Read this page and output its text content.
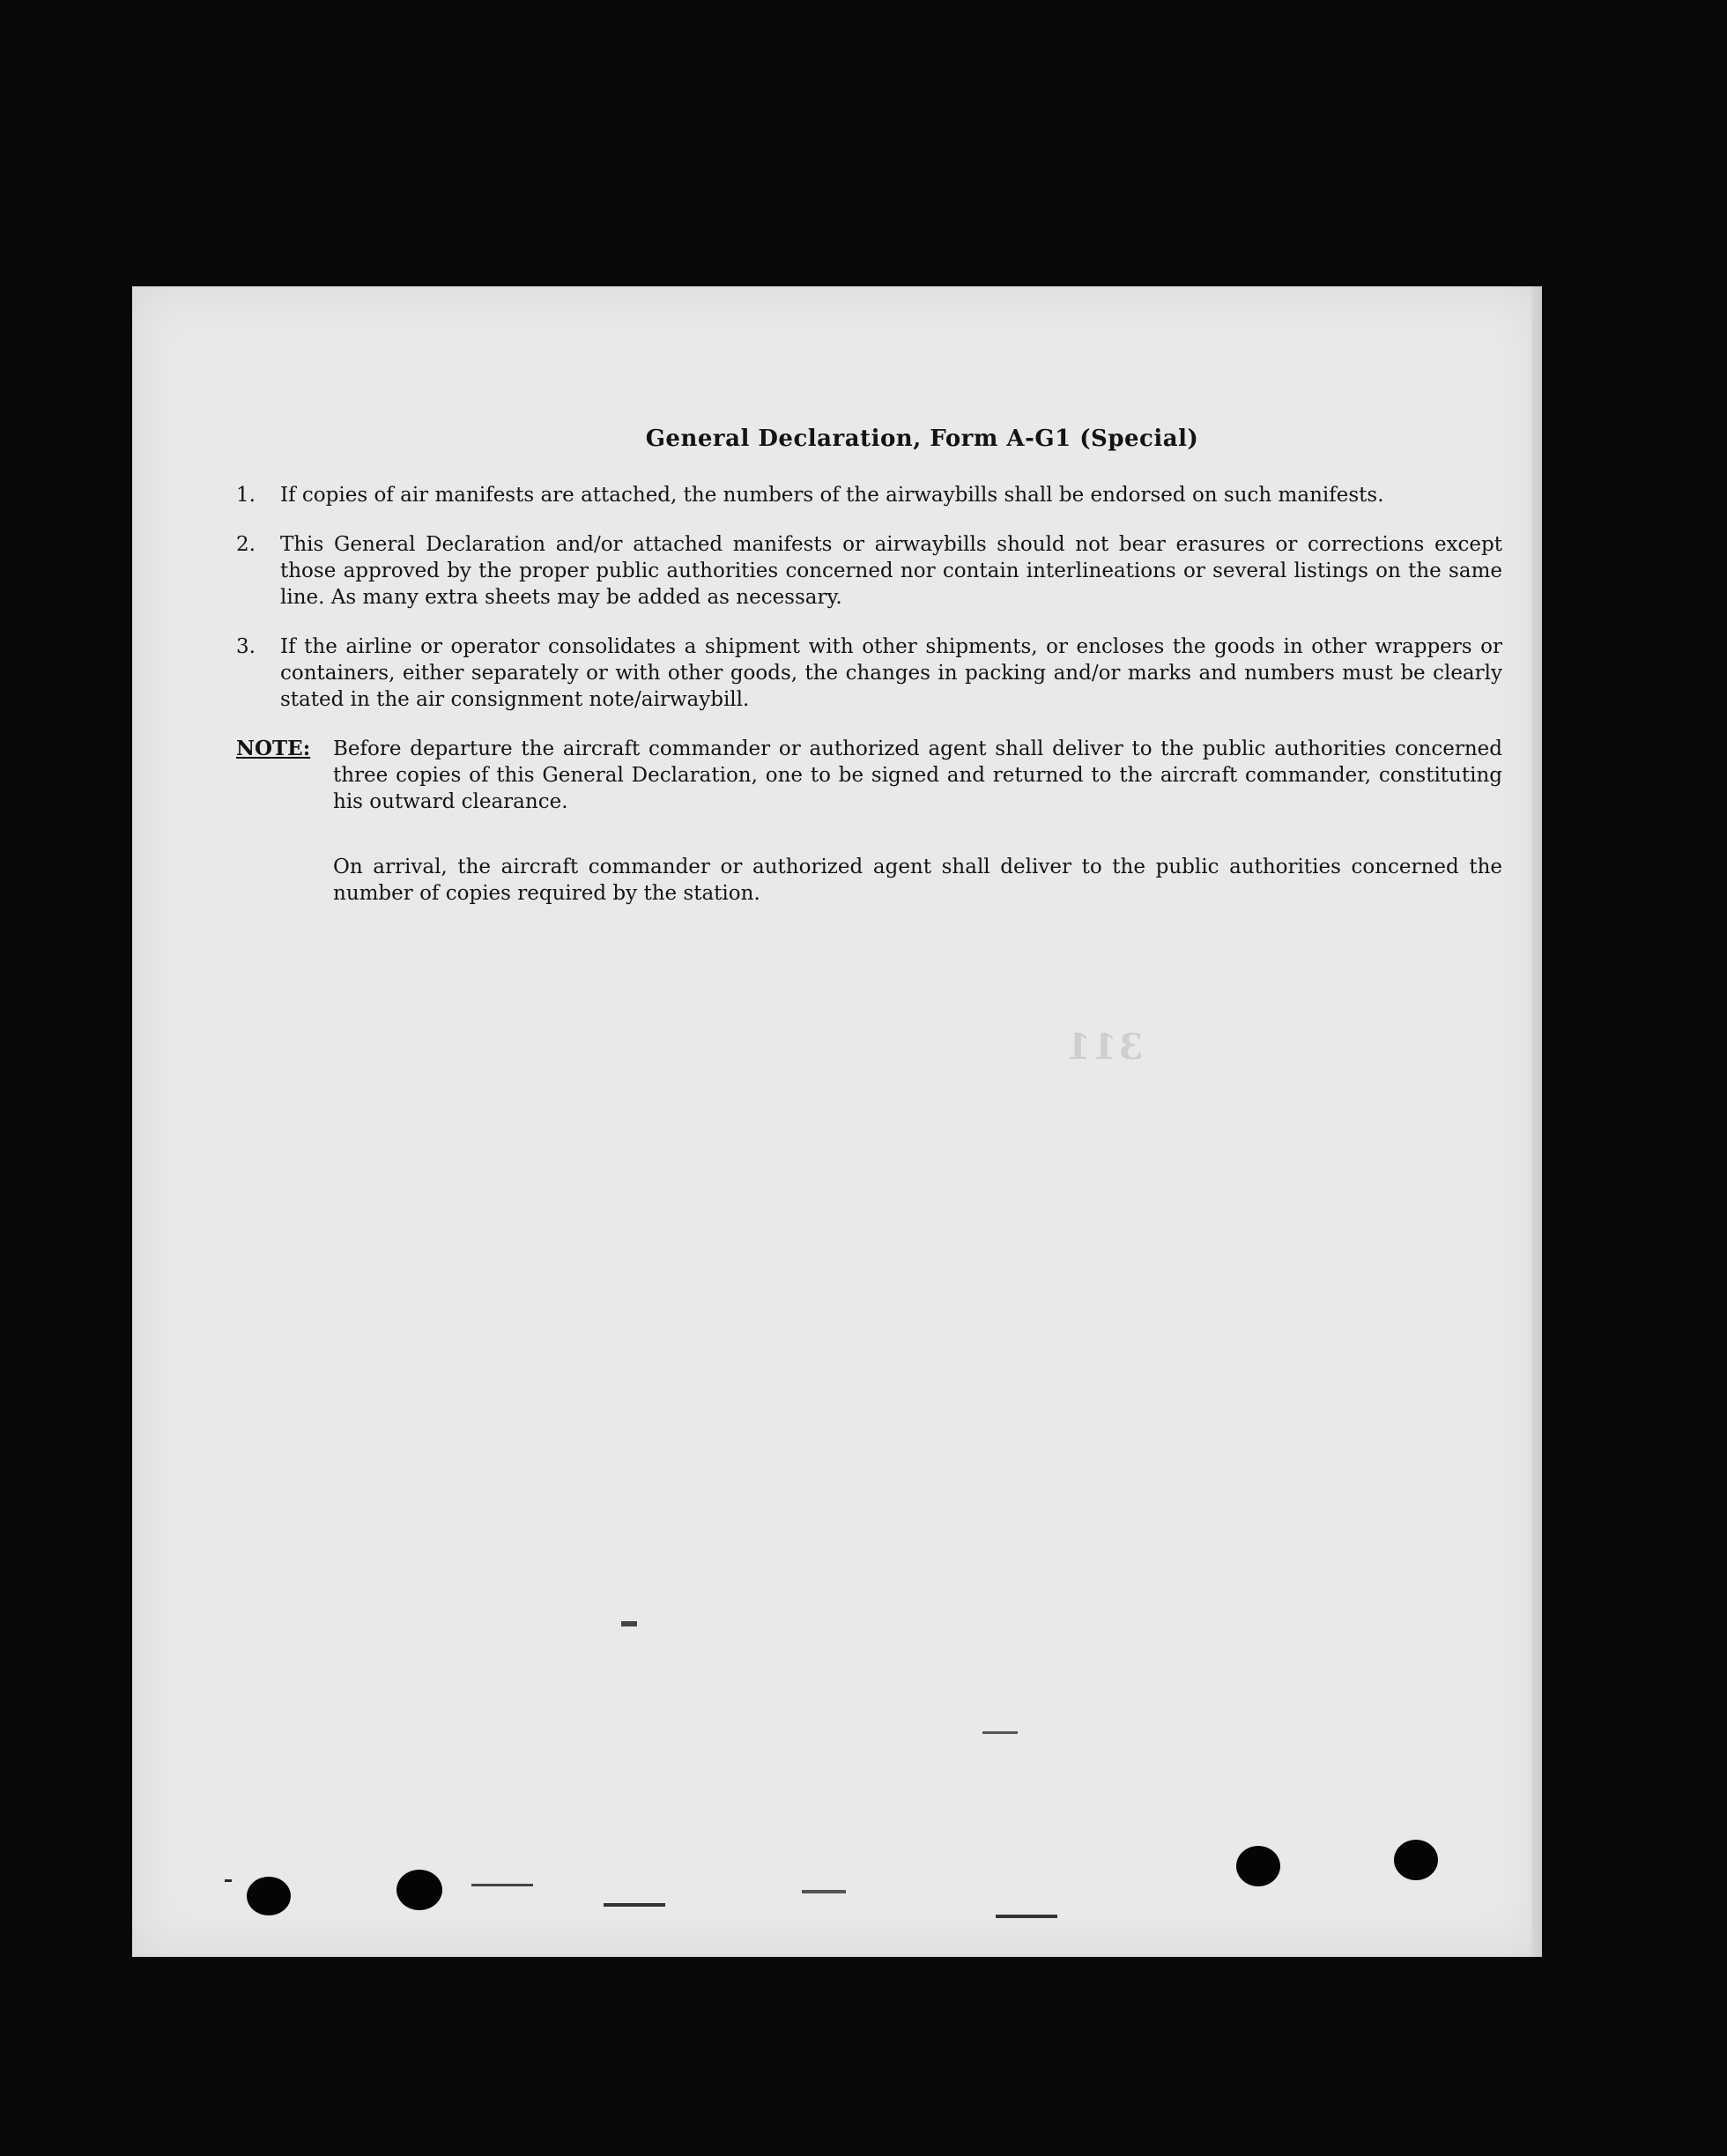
General Declaration, Form A-G1 (Special)
1.	If copies of air manifests are attached, the numbers of the airwaybills shall be endorsed on such manifests.
2.	This General Declaration and/or attached manifests or airwaybills should not bear erasures or corrections except those approved by the proper public authorities concerned nor contain interlineations or several listings on the same line. As many extra sheets may be added as necessary.
3.	If the airline or operator consolidates a shipment with other shipments, or encloses the goods in other wrappers or containers, either separately or with other goods, the changes in packing and/or marks and numbers must be clearly stated in the air consignment note/airwaybill.
NOTE:	Before departure the aircraft commander or authorized agent shall deliver to the public authorities concerned three copies of this General Declaration, one to be signed and returned to the aircraft commander, constituting his outward clearance.
On arrival, the aircraft commander or authorized agent shall deliver to the public authorities concerned the number of copies required by the station.
311
